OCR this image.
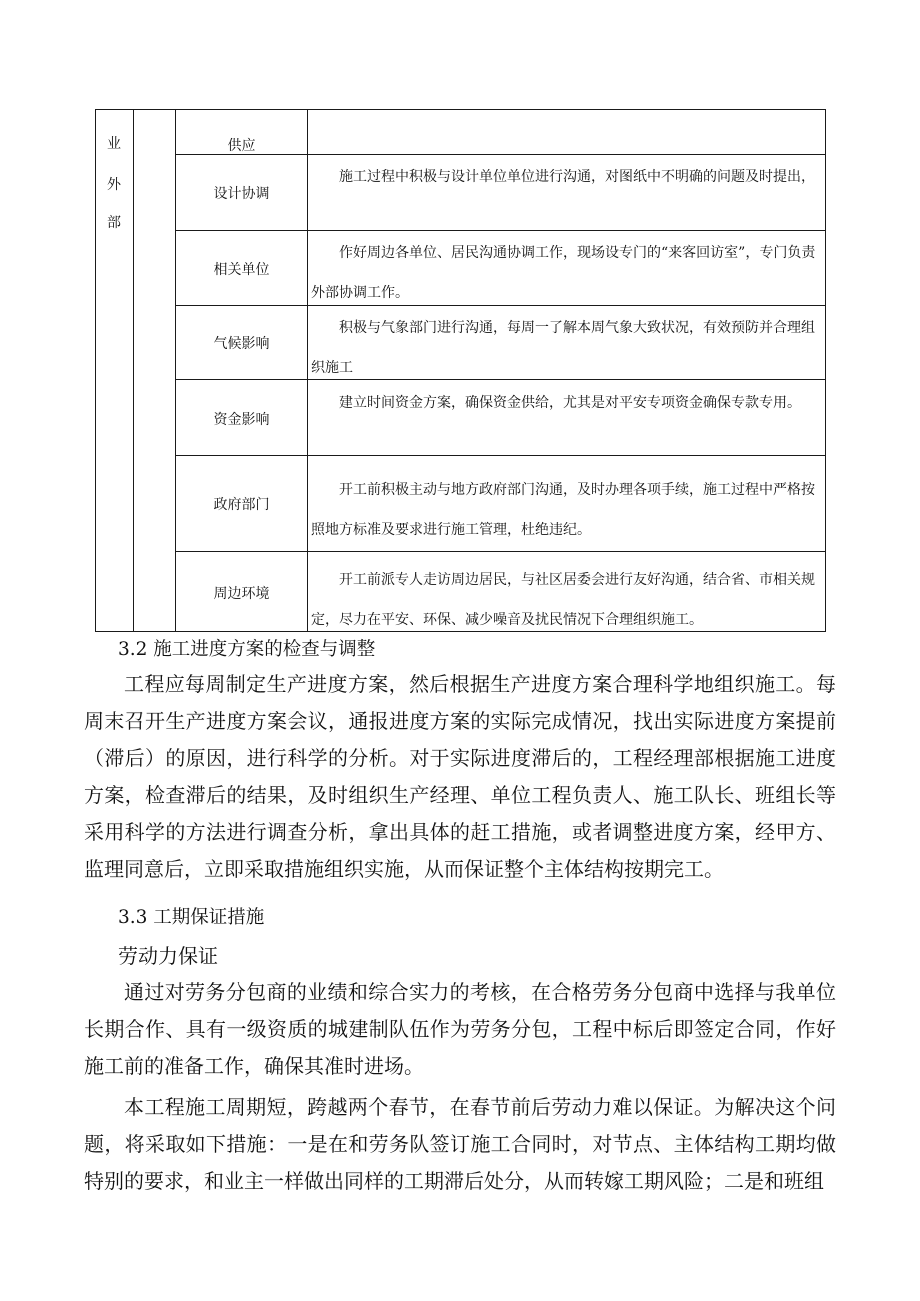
业
外
部
供应
设计协调
施工过程中积极与设计单位单位进行沟通，对图纸中不明确的问题及时提出，
相关单位
作好周边各单位、居民沟通协调工作，现场设专门的“来客回访室”，专门负责外部协调工作。
气候影响
积极与气象部门进行沟通，每周一了解本周气象大致状况，有效预防并合理组织施工
资金影响
建立时间资金方案，确保资金供给，尤其是对平安专项资金确保专款专用。
政府部门
开工前积极主动与地方政府部门沟通，及时办理各项手续，施工过程中严格按照地方标准及要求进行施工管理，杜绝违纪。
周边环境
开工前派专人走访周边居民，与社区居委会进行友好沟通，结合省、市相关规定，尽力在平安、环保、减少噪音及扰民情况下合理组织施工。
3.2 施工进度方案的检查与调整

工程应每周制定生产进度方案，然后根据生产进度方案合理科学地组织施工。每周末召开生产进度方案会议，通报进度方案的实际完成情况，找出实际进度方案提前（滞后）的原因，进行科学的分析。对于实际进度滞后的，工程经理部根据施工进度方案，检查滞后的结果，及时组织生产经理、单位工程负责人、施工队长、班组长等采用科学的方法进行调查分析，拿出具体的赶工措施，或者调整进度方案，经甲方、监理同意后，立即采取措施组织实施，从而保证整个主体结构按期完工。

3.3 工期保证措施
劳动力保证

通过对劳务分包商的业绩和综合实力的考核，在合格劳务分包商中选择与我单位长期合作、具有一级资质的城建制队伍作为劳务分包，工程中标后即签定合同，作好施工前的准备工作，确保其准时进场。

本工程施工周期短，跨越两个春节，在春节前后劳动力难以保证。为解决这个问题，将采取如下措施：一是在和劳务队签订施工合同时，对节点、主体结构工期均做特别的要求，和业主一样做出同样的工期滞后处分，从而转嫁工期风险；二是和班组
